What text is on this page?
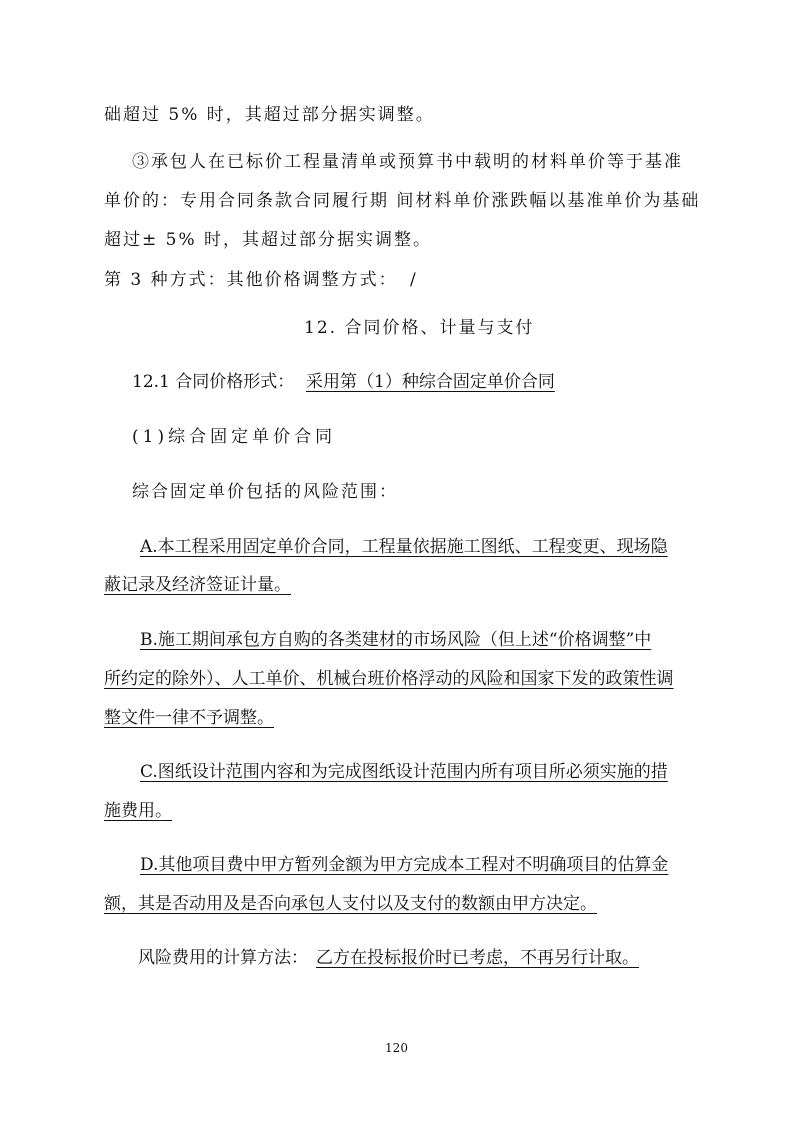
础超过 5% 时，其超过部分据实调整。
③承包人在已标价工程量清单或预算书中载明的材料单价等于基准
单价的：专用合同条款合同履行期 间材料单价涨跌幅以基准单价为基础
超过± 5% 时，其超过部分据实调整。
第 3 种方式：其他价格调整方式： /
12. 合同价格、计量与支付
12.1 合同价格形式： 采用第（1）种综合固定单价合同
(1)综合固定单价合同
综合固定单价包括的风险范围：
A.本工程采用固定单价合同，工程量依据施工图纸、工程变更、现场隐
蔽记录及经济签证计量。
B.施工期间承包方自购的各类建材的市场风险（但上述“价格调整”中
所约定的除外）、人工单价、机械台班价格浮动的风险和国家下发的政策性调
整文件一律不予调整。
C.图纸设计范围内容和为完成图纸设计范围内所有项目所必须实施的措
施费用。
D.其他项目费中甲方暂列金额为甲方完成本工程对不明确项目的估算金
额，其是否动用及是否向承包人支付以及支付的数额由甲方决定。
风险费用的计算方法： 乙方在投标报价时已考虑，不再另行计取。
120
